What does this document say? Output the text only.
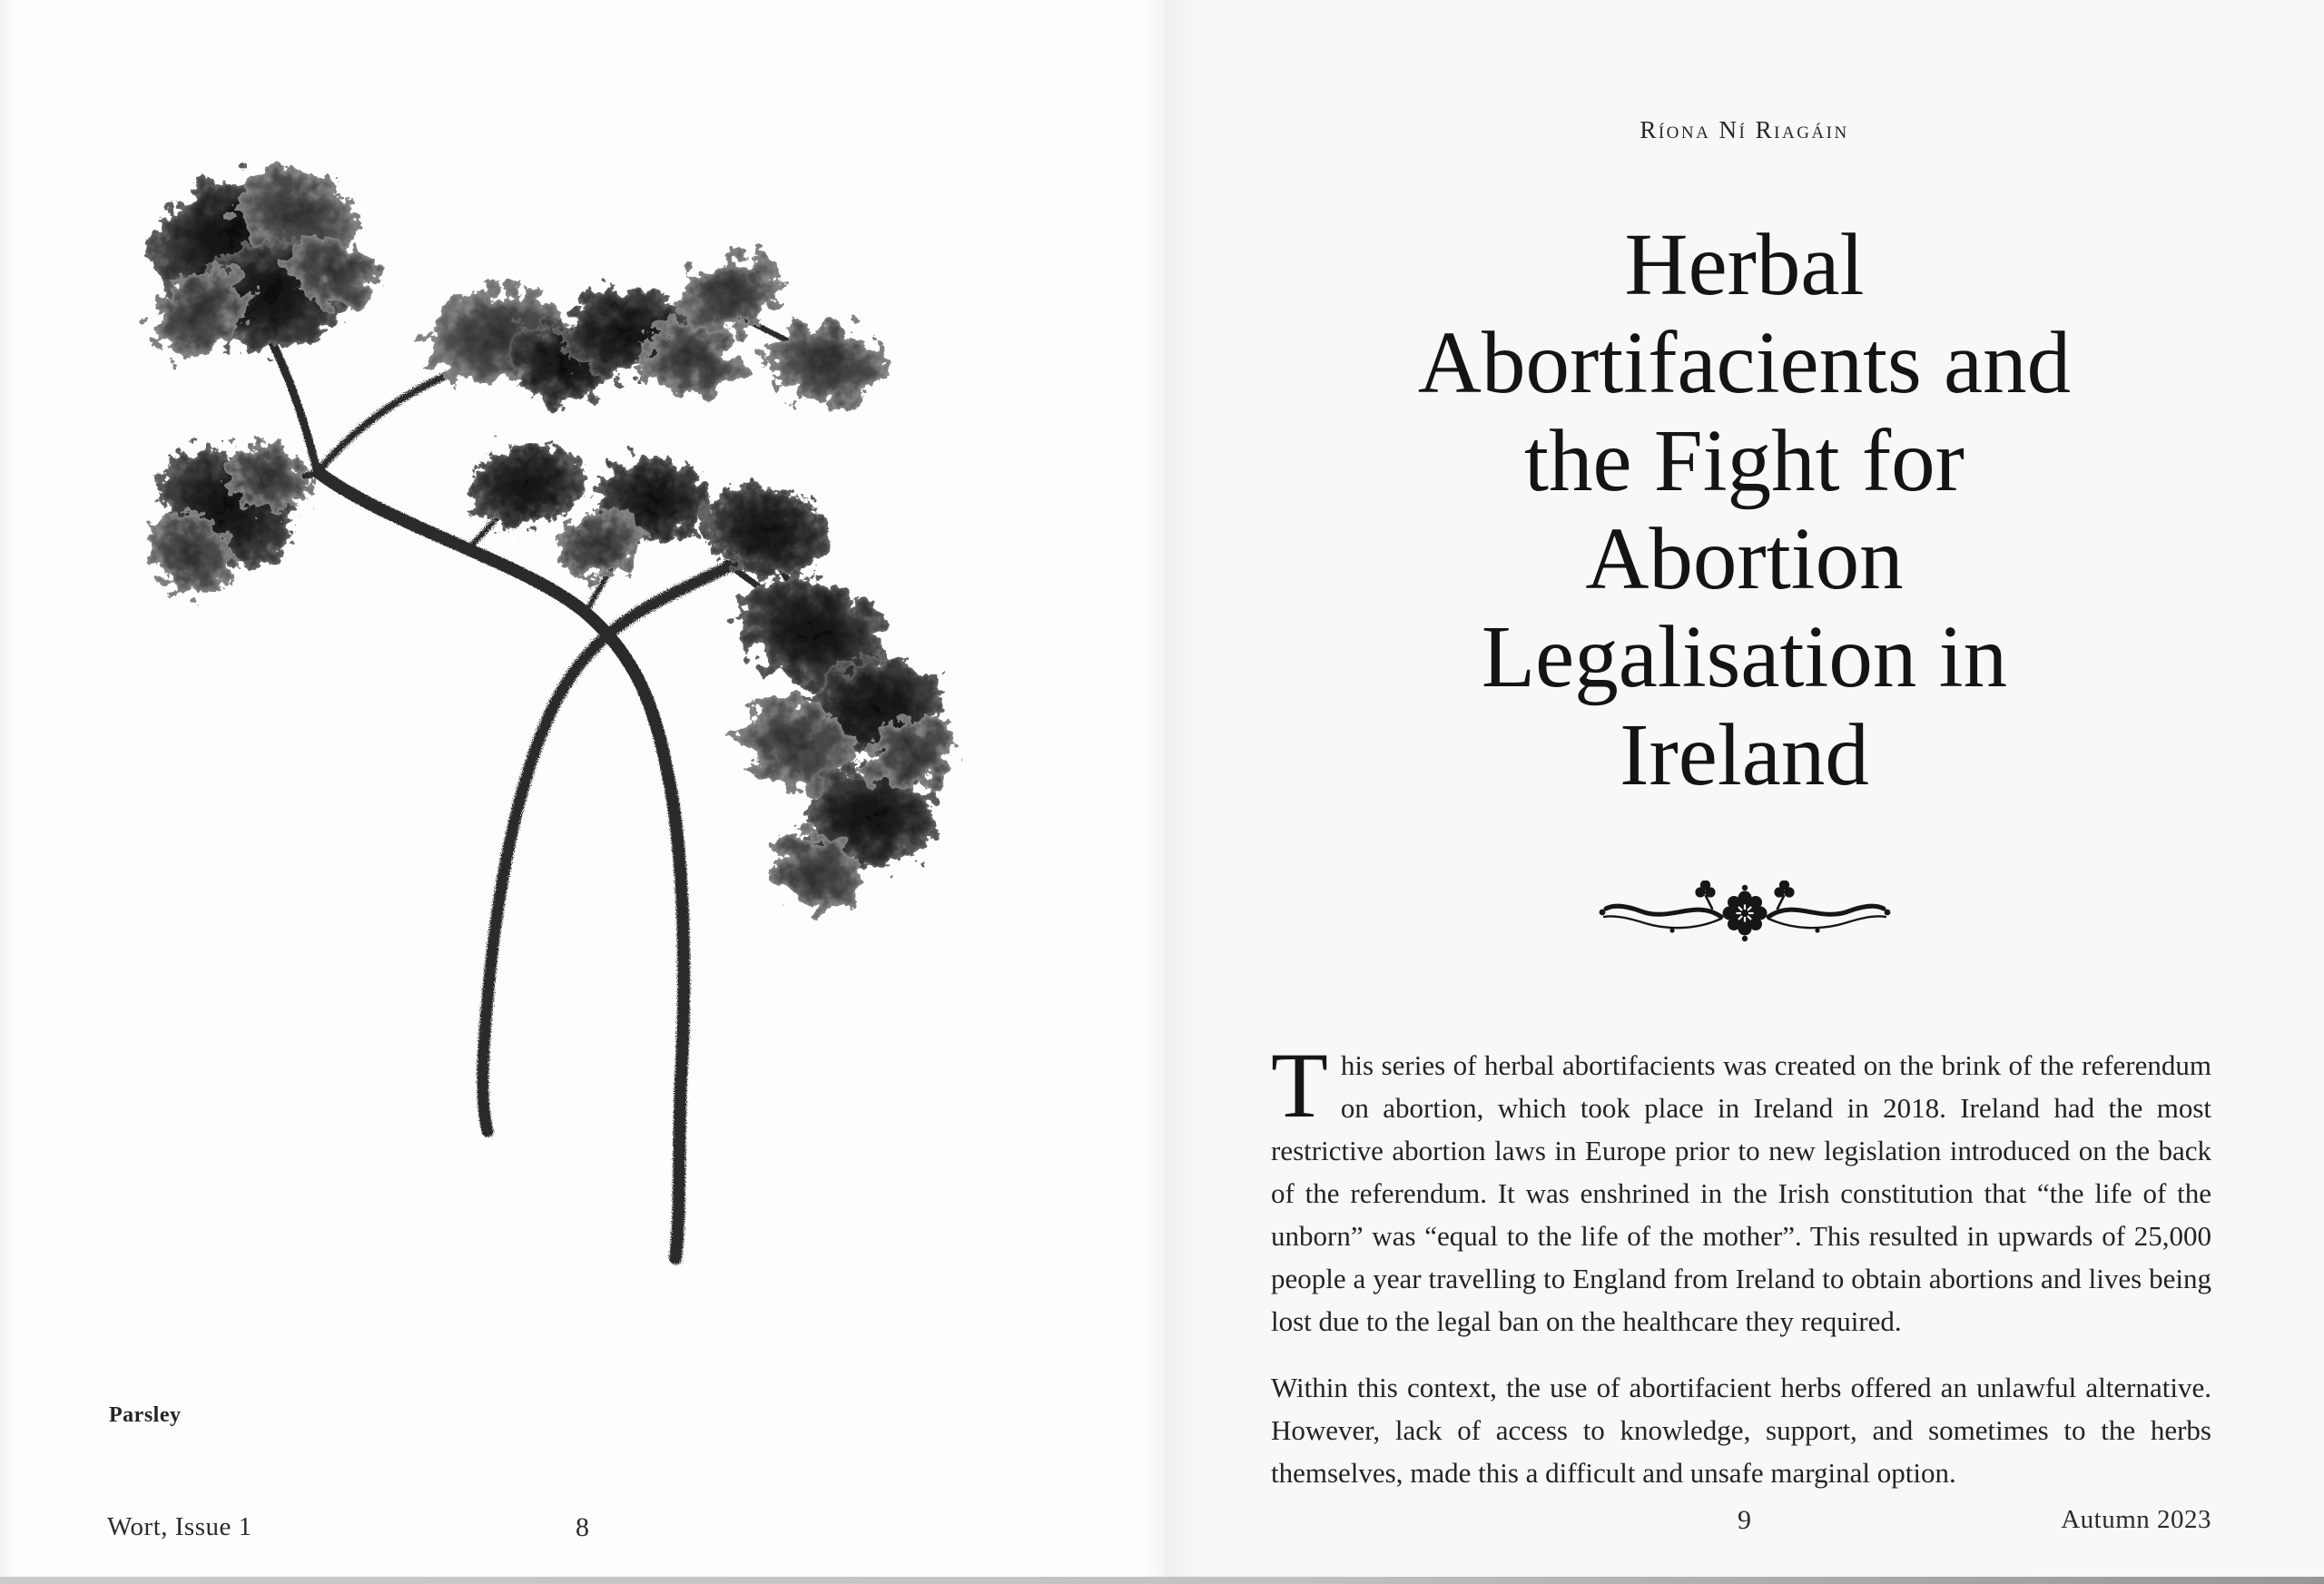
Parsley
Wort, Issue 1	8
Ríona Ní Riagáin
Herbal
Abortifacients and
the Fight for
Abortion
Legalisation in
Ireland

This series of herbal abortifacients was created on the brink of the referendum on abortion, which took place in Ireland in 2018. Ireland had the most restrictive abortion laws in Europe prior to new legislation introduced on the back of the referendum. It was enshrined in the Irish constitution that “the life of the unborn” was “equal to the life of the mother”. This resulted in upwards of 25,000 people a year travelling to England from Ireland to obtain abortions and lives being lost due to the legal ban on the healthcare they required.

Within this context, the use of abortifacient herbs offered an unlawful alternative. However, lack of access to knowledge, support, and sometimes to the herbs themselves, made this a difficult and unsafe marginal option.

9	Autumn 2023
